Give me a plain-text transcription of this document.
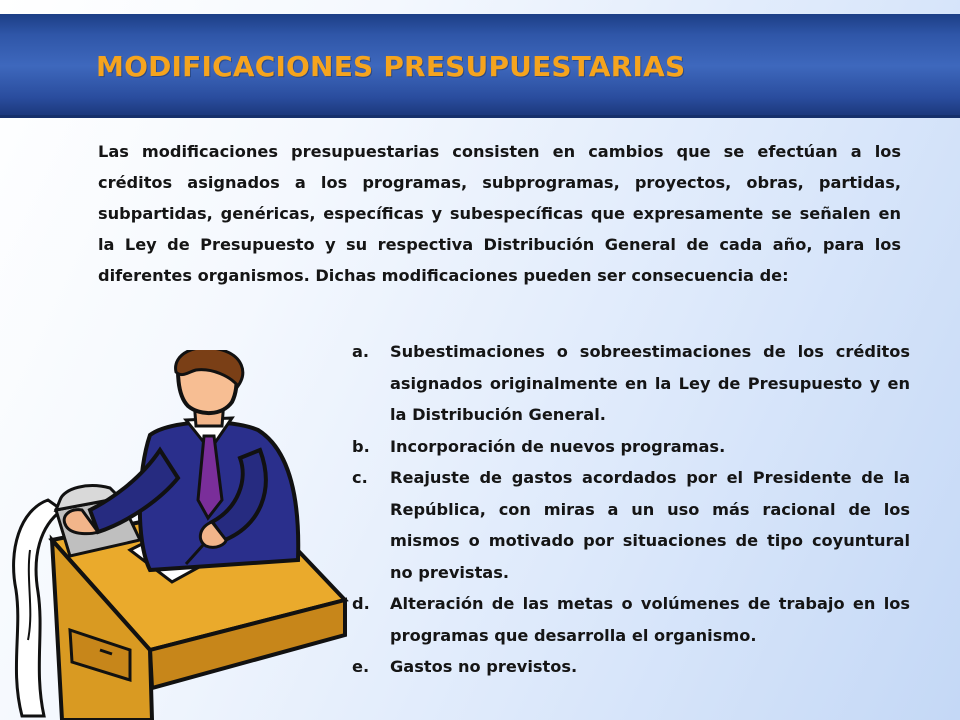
MODIFICACIONES PRESUPUESTARIAS

Las modificaciones presupuestarias consisten en cambios que se efectúan a los créditos asignados a los programas, subprogramas, proyectos, obras, partidas, subpartidas, genéricas, específicas y subespecíficas que expresamente se señalen en la Ley de Presupuesto y su respectiva Distribución General de cada año, para los diferentes organismos. Dichas modificaciones pueden ser consecuencia de:

a.	Subestimaciones o sobreestimaciones de los créditos asignados originalmente en la Ley de Presupuesto y en la Distribución General.
b.	Incorporación de nuevos programas.
c.	Reajuste de gastos acordados por el Presidente de la República, con miras a un uso más racional de los mismos o motivado por situaciones de tipo coyuntural no previstas.
d.	Alteración de las metas o volúmenes de trabajo en los programas que desarrolla el organismo.
e.	Gastos no previstos.
